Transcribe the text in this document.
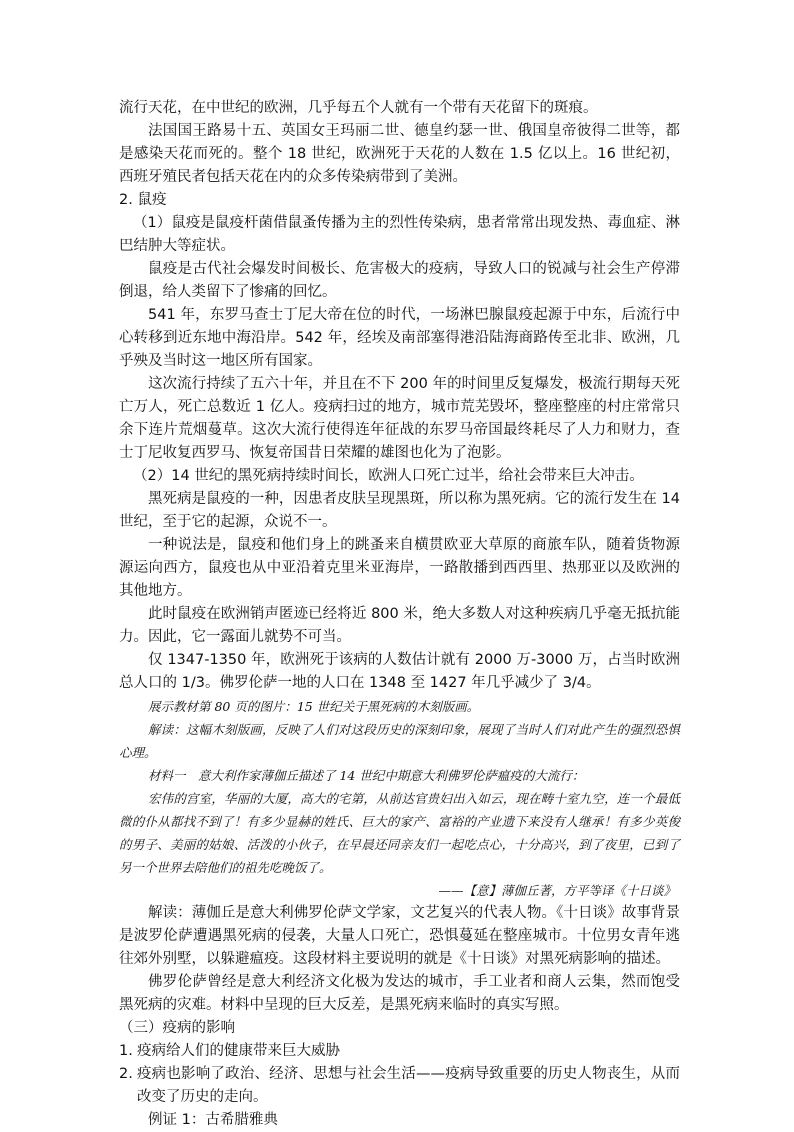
流行天花，在中世纪的欧洲，几乎每五个人就有一个带有天花留下的斑痕。

法国国王路易十五、英国女王玛丽二世、德皇约瑟一世、俄国皇帝彼得二世等，都是感染天花而死的。整个 18 世纪，欧洲死于天花的人数在 1.5 亿以上。16 世纪初，西班牙殖民者包括天花在内的众多传染病带到了美洲。

2. 鼠疫

（1）鼠疫是鼠疫杆菌借鼠蚤传播为主的烈性传染病，患者常常出现发热、毒血症、淋巴结肿大等症状。

鼠疫是古代社会爆发时间极长、危害极大的疫病，导致人口的锐减与社会生产停滞倒退，给人类留下了惨痛的回忆。

541 年，东罗马查士丁尼大帝在位的时代，一场淋巴腺鼠疫起源于中东，后流行中心转移到近东地中海沿岸。542 年，经埃及南部塞得港沿陆海商路传至北非、欧洲，几乎殃及当时这一地区所有国家。

这次流行持续了五六十年，并且在不下 200 年的时间里反复爆发，极流行期每天死亡万人，死亡总数近 1 亿人。疫病扫过的地方，城市荒芜毁坏，整座整座的村庄常常只余下连片荒烟蔓草。这次大流行使得连年征战的东罗马帝国最终耗尽了人力和财力，查士丁尼收复西罗马、恢复帝国昔日荣耀的雄图也化为了泡影。

（2）14 世纪的黑死病持续时间长，欧洲人口死亡过半，给社会带来巨大冲击。

黑死病是鼠疫的一种，因患者皮肤呈现黑斑，所以称为黑死病。它的流行发生在 14 世纪，至于它的起源，众说不一。

一种说法是，鼠疫和他们身上的跳蚤来自横贯欧亚大草原的商旅车队，随着货物源源运向西方，鼠疫也从中亚沿着克里米亚海岸，一路散播到西西里、热那亚以及欧洲的其他地方。

此时鼠疫在欧洲销声匿迹已经将近 800 米，绝大多数人对这种疾病几乎毫无抵抗能力。因此，它一露面儿就势不可当。

仅 1347-1350 年，欧洲死于该病的人数估计就有 2000 万-3000 万，占当时欧洲总人口的 1/3。佛罗伦萨一地的人口在 1348 至 1427 年几乎减少了 3/4。

展示教材第 80 页的图片：15 世纪关于黑死病的木刻版画。

解读：这幅木刻版画，反映了人们对这段历史的深刻印象，展现了当时人们对此产生的强烈恐惧心理。

材料一　意大利作家薄伽丘描述了 14 世纪中期意大利佛罗伦萨瘟疫的大流行：

宏伟的宫室，华丽的大厦，高大的宅第，从前达官贵妇出入如云，现在畴十室九空，连一个最低微的仆从都找不到了！有多少显赫的姓氏、巨大的家产、富裕的产业遗下来没有人继承！有多少英俊的男子、美丽的姑娘、活泼的小伙子，在早晨还同亲友们一起吃点心，十分高兴，到了夜里，已到了另一个世界去陪他们的祖先吃晚饭了。

——【意】薄伽丘著，方平等译《十日谈》

解读：薄伽丘是意大利佛罗伦萨文学家，文艺复兴的代表人物。《十日谈》故事背景是波罗伦萨遭遇黑死病的侵袭，大量人口死亡，恐惧蔓延在整座城市。十位男女青年逃往郊外别墅，以躲避瘟疫。这段材料主要说明的就是《十日谈》对黑死病影响的描述。

佛罗伦萨曾经是意大利经济文化极为发达的城市，手工业者和商人云集，然而饱受黑死病的灾难。材料中呈现的巨大反差，是黑死病来临时的真实写照。

（三）疫病的影响

1. 疫病给人们的健康带来巨大威胁
2. 疫病也影响了政治、经济、思想与社会生活——疫病导致重要的历史人物丧生，从而改变了历史的走向。

例证 1：古希腊雅典
